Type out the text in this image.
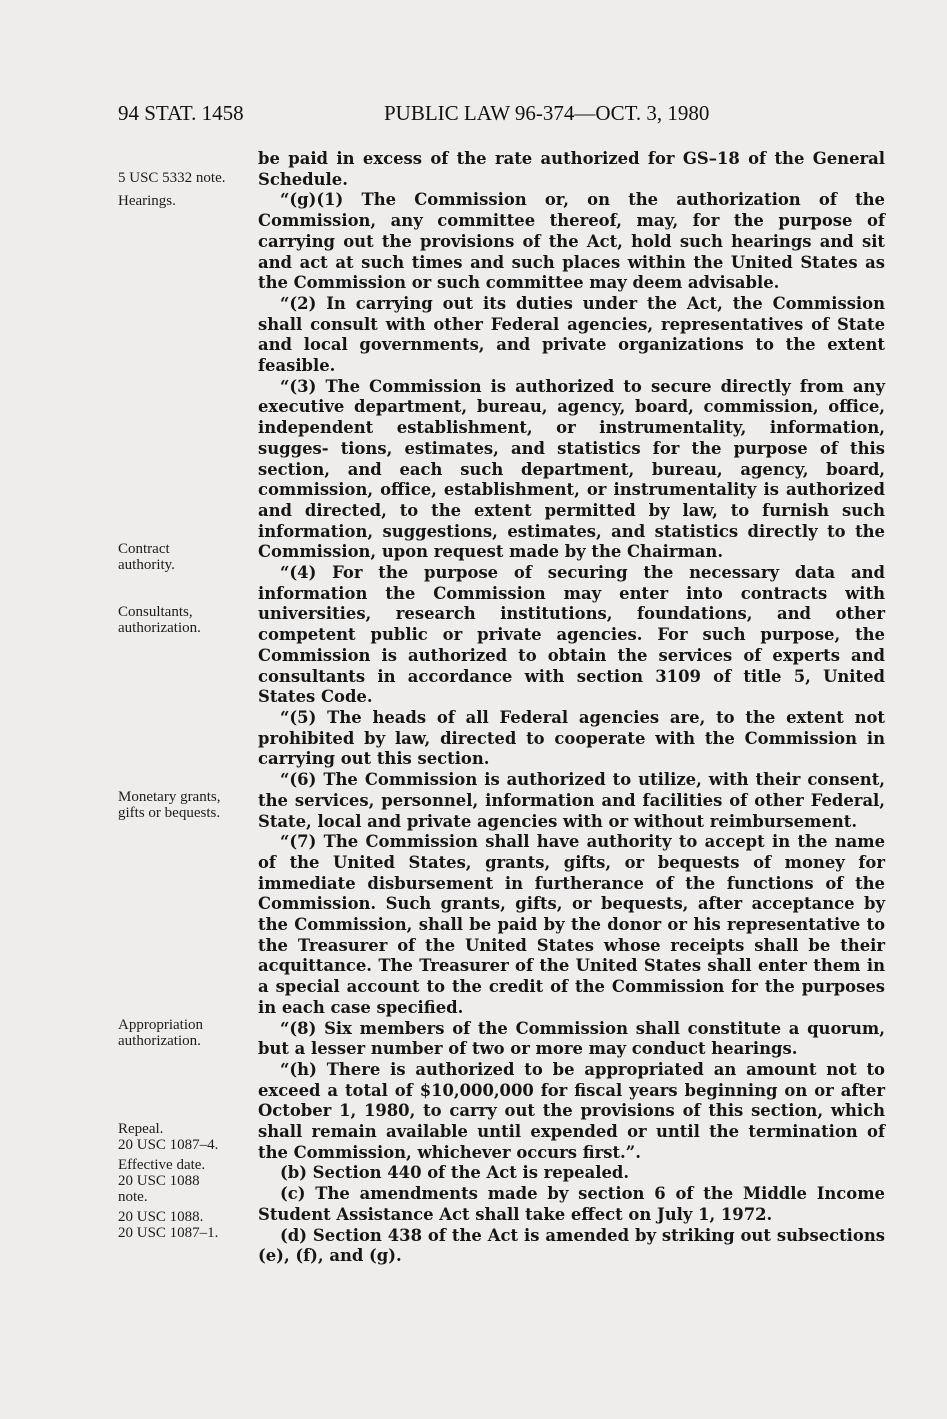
94 STAT. 1458	PUBLIC LAW 96-374—OCT. 3, 1980
5 USC 5332 note.
Hearings.
Contract authority.
Consultants, authorization.
Monetary grants, gifts or bequests.
Appropriation authorization.
Repeal.
20 USC 1087–4.
Effective date.
20 USC 1088 note.
20 USC 1088.
20 USC 1087–1.

be paid in excess of the rate authorized for GS–18 of the General Schedule.

“(g)(1) The Commission or, on the authorization of the Commission, any committee thereof, may, for the purpose of carrying out the provisions of the Act, hold such hearings and sit and act at such times and such places within the United States as the Commission or such committee may deem advisable.

“(2) In carrying out its duties under the Act, the Commission shall consult with other Federal agencies, representatives of State and local governments, and private organizations to the extent feasible.

“(3) The Commission is authorized to secure directly from any executive department, bureau, agency, board, commission, office, independent establishment, or instrumentality, information, sugges- tions, estimates, and statistics for the purpose of this section, and each such department, bureau, agency, board, commission, office, establishment, or instrumentality is authorized and directed, to the extent permitted by law, to furnish such information, suggestions, estimates, and statistics directly to the Commission, upon request made by the Chairman.

“(4) For the purpose of securing the necessary data and information the Commission may enter into contracts with universities, research institutions, foundations, and other competent public or private agencies. For such purpose, the Commission is authorized to obtain the services of experts and consultants in accordance with section 3109 of title 5, United States Code.

“(5) The heads of all Federal agencies are, to the extent not prohibited by law, directed to cooperate with the Commission in carrying out this section.

“(6) The Commission is authorized to utilize, with their consent, the services, personnel, information and facilities of other Federal, State, local and private agencies with or without reimbursement.

“(7) The Commission shall have authority to accept in the name of the United States, grants, gifts, or bequests of money for immediate disbursement in furtherance of the functions of the Commission. Such grants, gifts, or bequests, after acceptance by the Commission, shall be paid by the donor or his representative to the Treasurer of the United States whose receipts shall be their acquittance. The Treasurer of the United States shall enter them in a special account to the credit of the Commission for the purposes in each case specified.

“(8) Six members of the Commission shall constitute a quorum, but a lesser number of two or more may conduct hearings.

“(h) There is authorized to be appropriated an amount not to exceed a total of $10,000,000 for fiscal years beginning on or after October 1, 1980, to carry out the provisions of this section, which shall remain available until expended or until the termination of the Commission, whichever occurs first.”.

(b) Section 440 of the Act is repealed.

(c) The amendments made by section 6 of the Middle Income Student Assistance Act shall take effect on July 1, 1972.

(d) Section 438 of the Act is amended by striking out subsections (e), (f), and (g).
